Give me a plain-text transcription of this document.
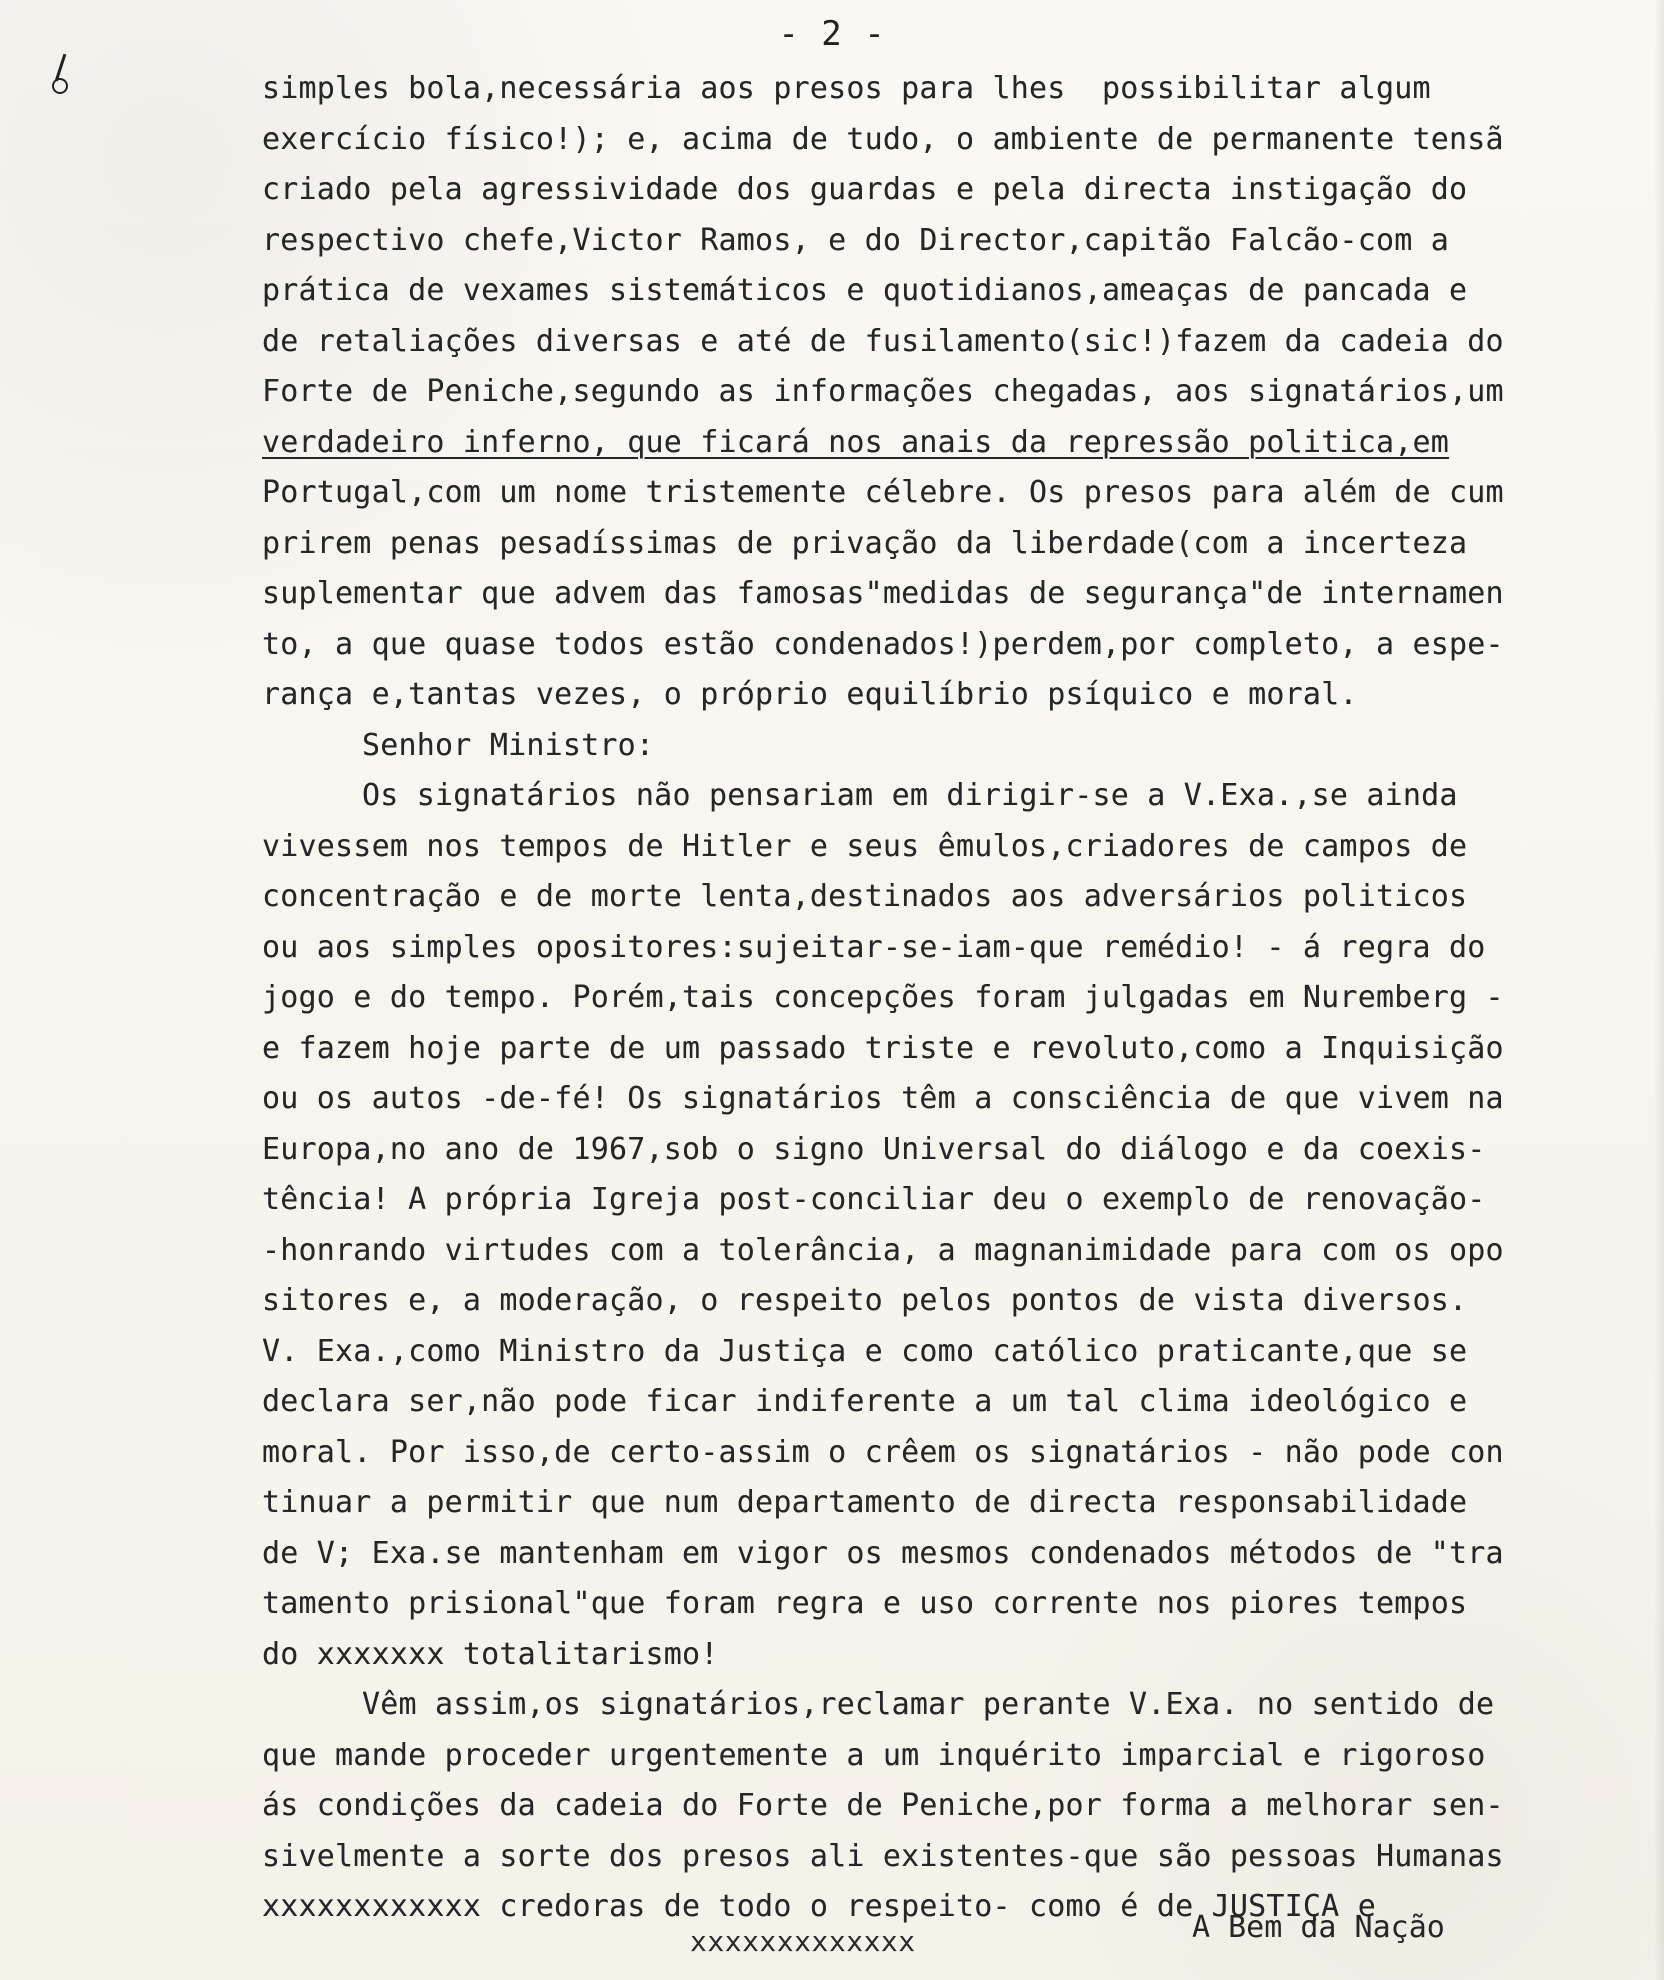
- 2 -
simples bola,necessária aos presos para lhes  possibilitar algum
exercício físico!); e, acima de tudo, o ambiente de permanente tensã
criado pela agressividade dos guardas e pela directa instigação do
respectivo chefe,Victor Ramos, e do Director,capitão Falcão-com a
prática de vexames sistemáticos e quotidianos,ameaças de pancada e
de retaliações diversas e até de fusilamento(sic!)fazem da cadeia do
Forte de Peniche,segundo as informações chegadas, aos signatários,um
verdadeiro inferno, que ficará nos anais da repressão politica,em
Portugal,com um nome tristemente célebre. Os presos para além de cum
prirem penas pesadíssimas de privação da liberdade(com a incerteza
suplementar que advem das famosas"medidas de segurança"de internamen
to, a que quase todos estão condenados!)perdem,por completo, a espe-
rança e,tantas vezes, o próprio equilíbrio psíquico e moral.
Senhor Ministro:
Os signatários não pensariam em dirigir-se a V.Exa.,se ainda
vivessem nos tempos de Hitler e seus êmulos,criadores de campos de
concentração e de morte lenta,destinados aos adversários politicos
ou aos simples opositores:sujeitar-se-iam-que remédio! - á regra do
jogo e do tempo. Porém,tais concepções foram julgadas em Nuremberg -
e fazem hoje parte de um passado triste e revoluto,como a Inquisição
ou os autos -de-fé! Os signatários têm a consciência de que vivem na
Europa,no ano de 1967,sob o signo Universal do diálogo e da coexis-
tência! A própria Igreja post-conciliar deu o exemplo de renovação-
-honrando virtudes com a tolerância, a magnanimidade para com os opo
sitores e, a moderação, o respeito pelos pontos de vista diversos.
V. Exa.,como Ministro da Justiça e como católico praticante,que se
declara ser,não pode ficar indiferente a um tal clima ideológico e
moral. Por isso,de certo-assim o crêem os signatários - não pode con
tinuar a permitir que num departamento de directa responsabilidade
de V; Exa.se mantenham em vigor os mesmos condenados métodos de "tra
tamento prisional"que foram regra e uso corrente nos piores tempos
do xxxxxxx totalitarismo!
Vêm assim,os signatários,reclamar perante V.Exa. no sentido de
que mande proceder urgentemente a um inquérito imparcial e rigoroso
ás condições da cadeia do Forte de Peniche,por forma a melhorar sen-
sivelmente a sorte dos presos ali existentes-que são pessoas Humanas
xxxxxxxxxxxx credoras de todo o respeito- como é de JUSTIÇA e
xxxxxxxxxxxxx	A Bem da Nação
